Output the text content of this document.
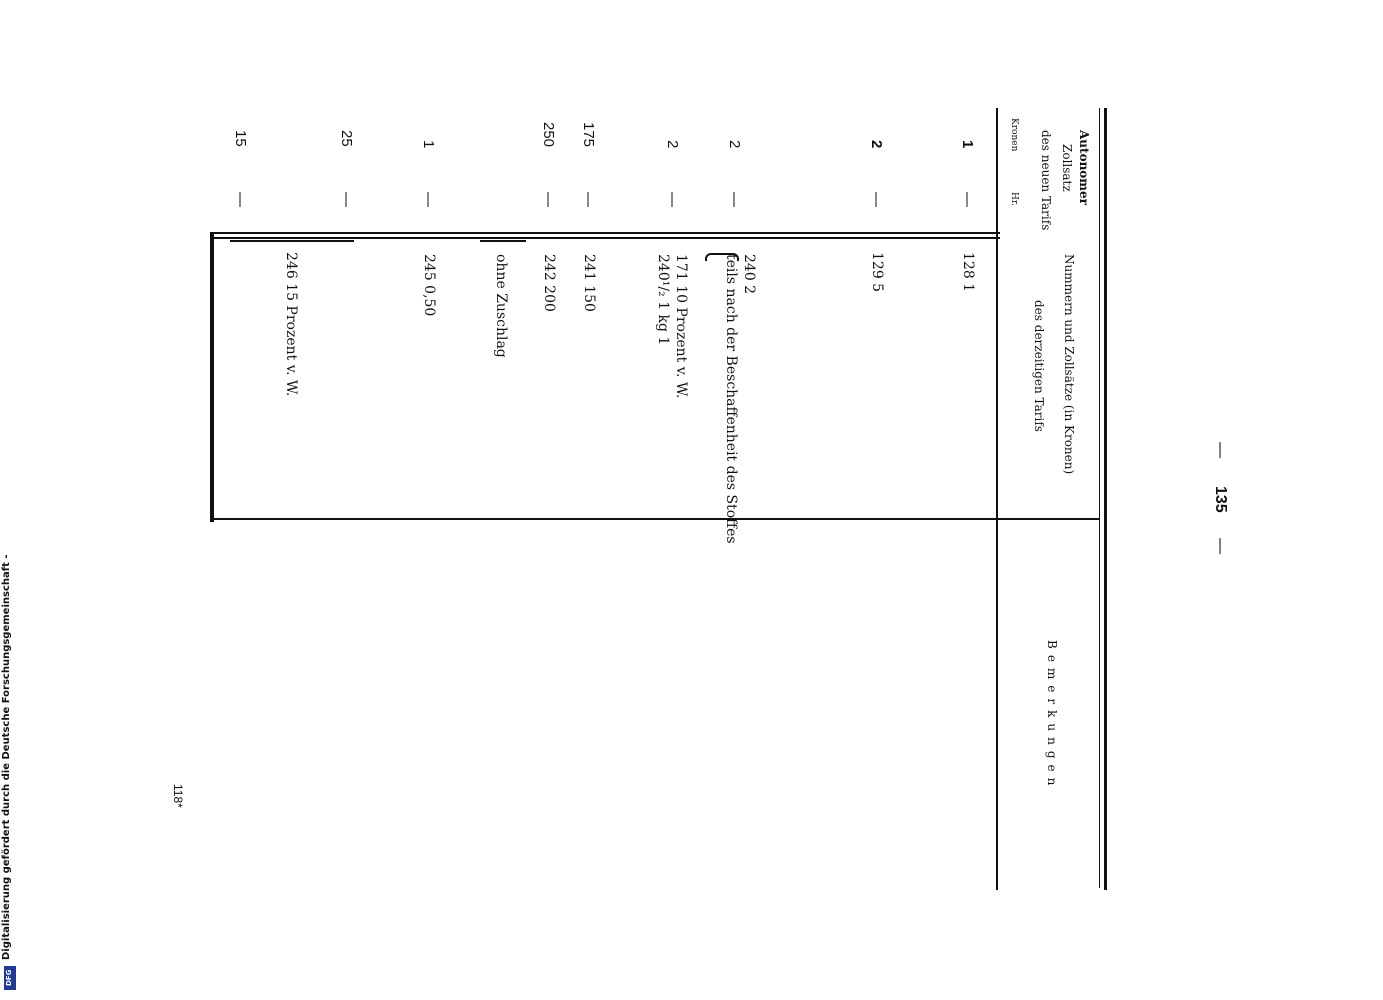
—
135
—
118*
Digitalisierung gefördert durch die Deutsche Forschungsgemeinschaft -
DFG
Autonomer
Zollsatz
des neuen Tarifs
Kronen
Hr.
Nummern und Zollsätze (in Kronen)
des derzeitigen Tarifs
Bemerkungen
1
—
128 1
2
—
129 5
2
—
240 2
teils nach der Beschaffenheit des Stoffes
2
—
171 10 Prozent v. W.
240¹/₂ 1 kg 1
175
—
241 150
250
—
242 200
ohne Zuschlag
1
—
245 0,50
25
—
15
—
246 15 Prozent v. W.
